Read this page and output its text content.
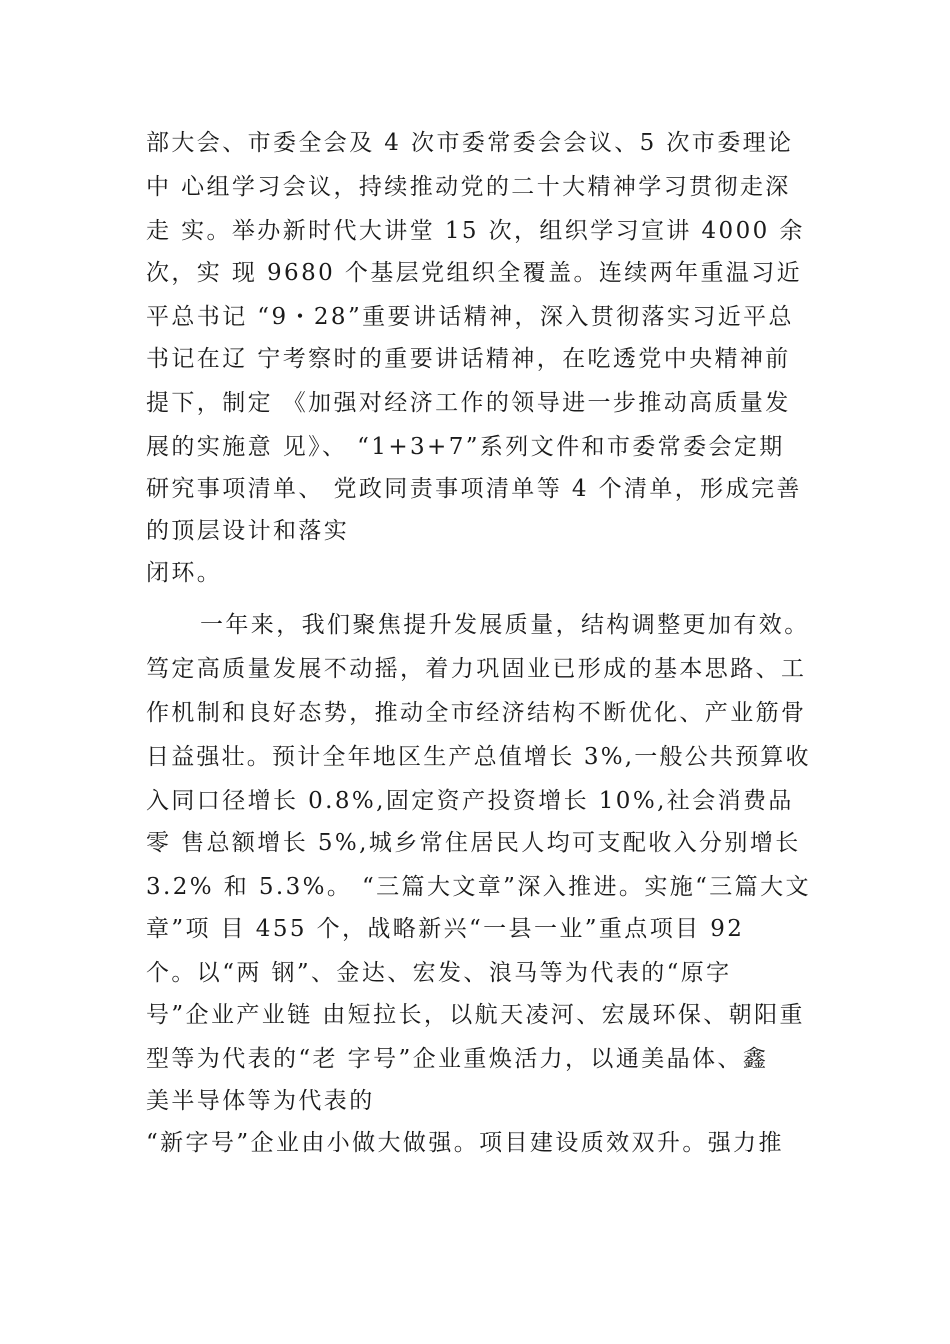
部大会、市委全会及 4 次市委常委会会议、5 次市委理论

中 心组学习会议，持续推动党的二十大精神学习贯彻走深

走 实。举办新时代大讲堂 15 次，组织学习宣讲 4000 余

次，实 现 9680 个基层党组织全覆盖。连续两年重温习近

平总书记 “9・28”重要讲话精神，深入贯彻落实习近平总

书记在辽 宁考察时的重要讲话精神，在吃透党中央精神前

提下，制定 《加强对经济工作的领导进一步推动高质量发

展的实施意 见》、 “1+3+7”系列文件和市委常委会定期

研究事项清单、 党政同责事项清单等 4 个清单，形成完善

的顶层设计和落实

闭环。

一年来，我们聚焦提升发展质量，结构调整更加有效。

笃定高质量发展不动摇，着力巩固业已形成的基本思路、工

作机制和良好态势，推动全市经济结构不断优化、产业筋骨

日益强壮。预计全年地区生产总值增长 3%,一般公共预算收

入同口径增长 0.8%,固定资产投资增长 10%,社会消费品

零 售总额增长 5%,城乡常住居民人均可支配收入分别增长

3.2% 和 5.3%。 “三篇大文章”深入推进。实施“三篇大文

章”项 目 455 个，战略新兴“一县一业”重点项目 92

个。以“两 钢”、金达、宏发、浪马等为代表的“原字

号”企业产业链 由短拉长，以航天凌河、宏晟环保、朝阳重

型等为代表的“老 字号”企业重焕活力，以通美晶体、鑫

美半导体等为代表的

“新字号”企业由小做大做强。项目建设质效双升。强力推
